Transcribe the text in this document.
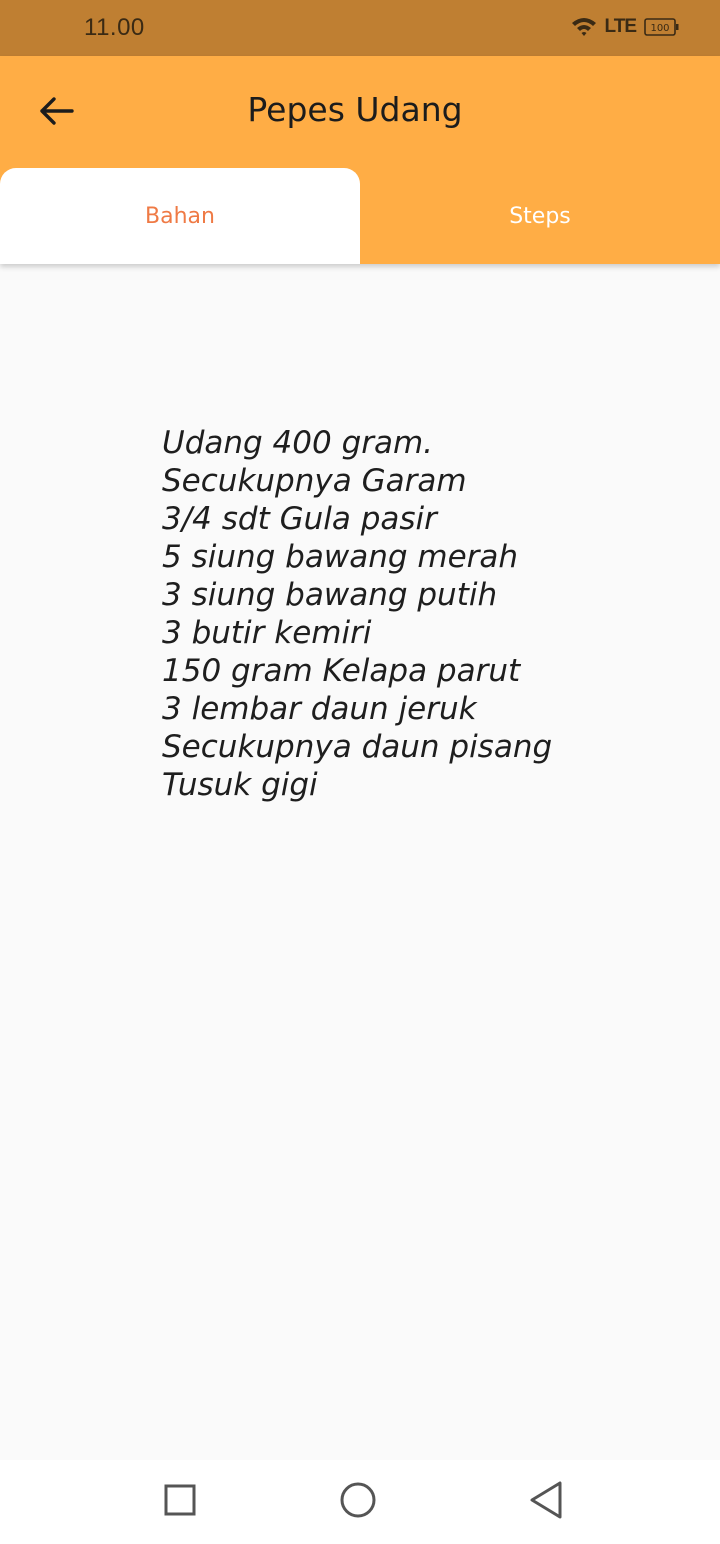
11.00	LTE 100
Pepes Udang
Bahan	Steps
Udang 400 gram.
Secukupnya Garam
3/4 sdt Gula pasir
5 siung bawang merah
3 siung bawang putih
3 butir kemiri
150 gram Kelapa parut
3 lembar daun jeruk
Secukupnya daun pisang
Tusuk gigi
